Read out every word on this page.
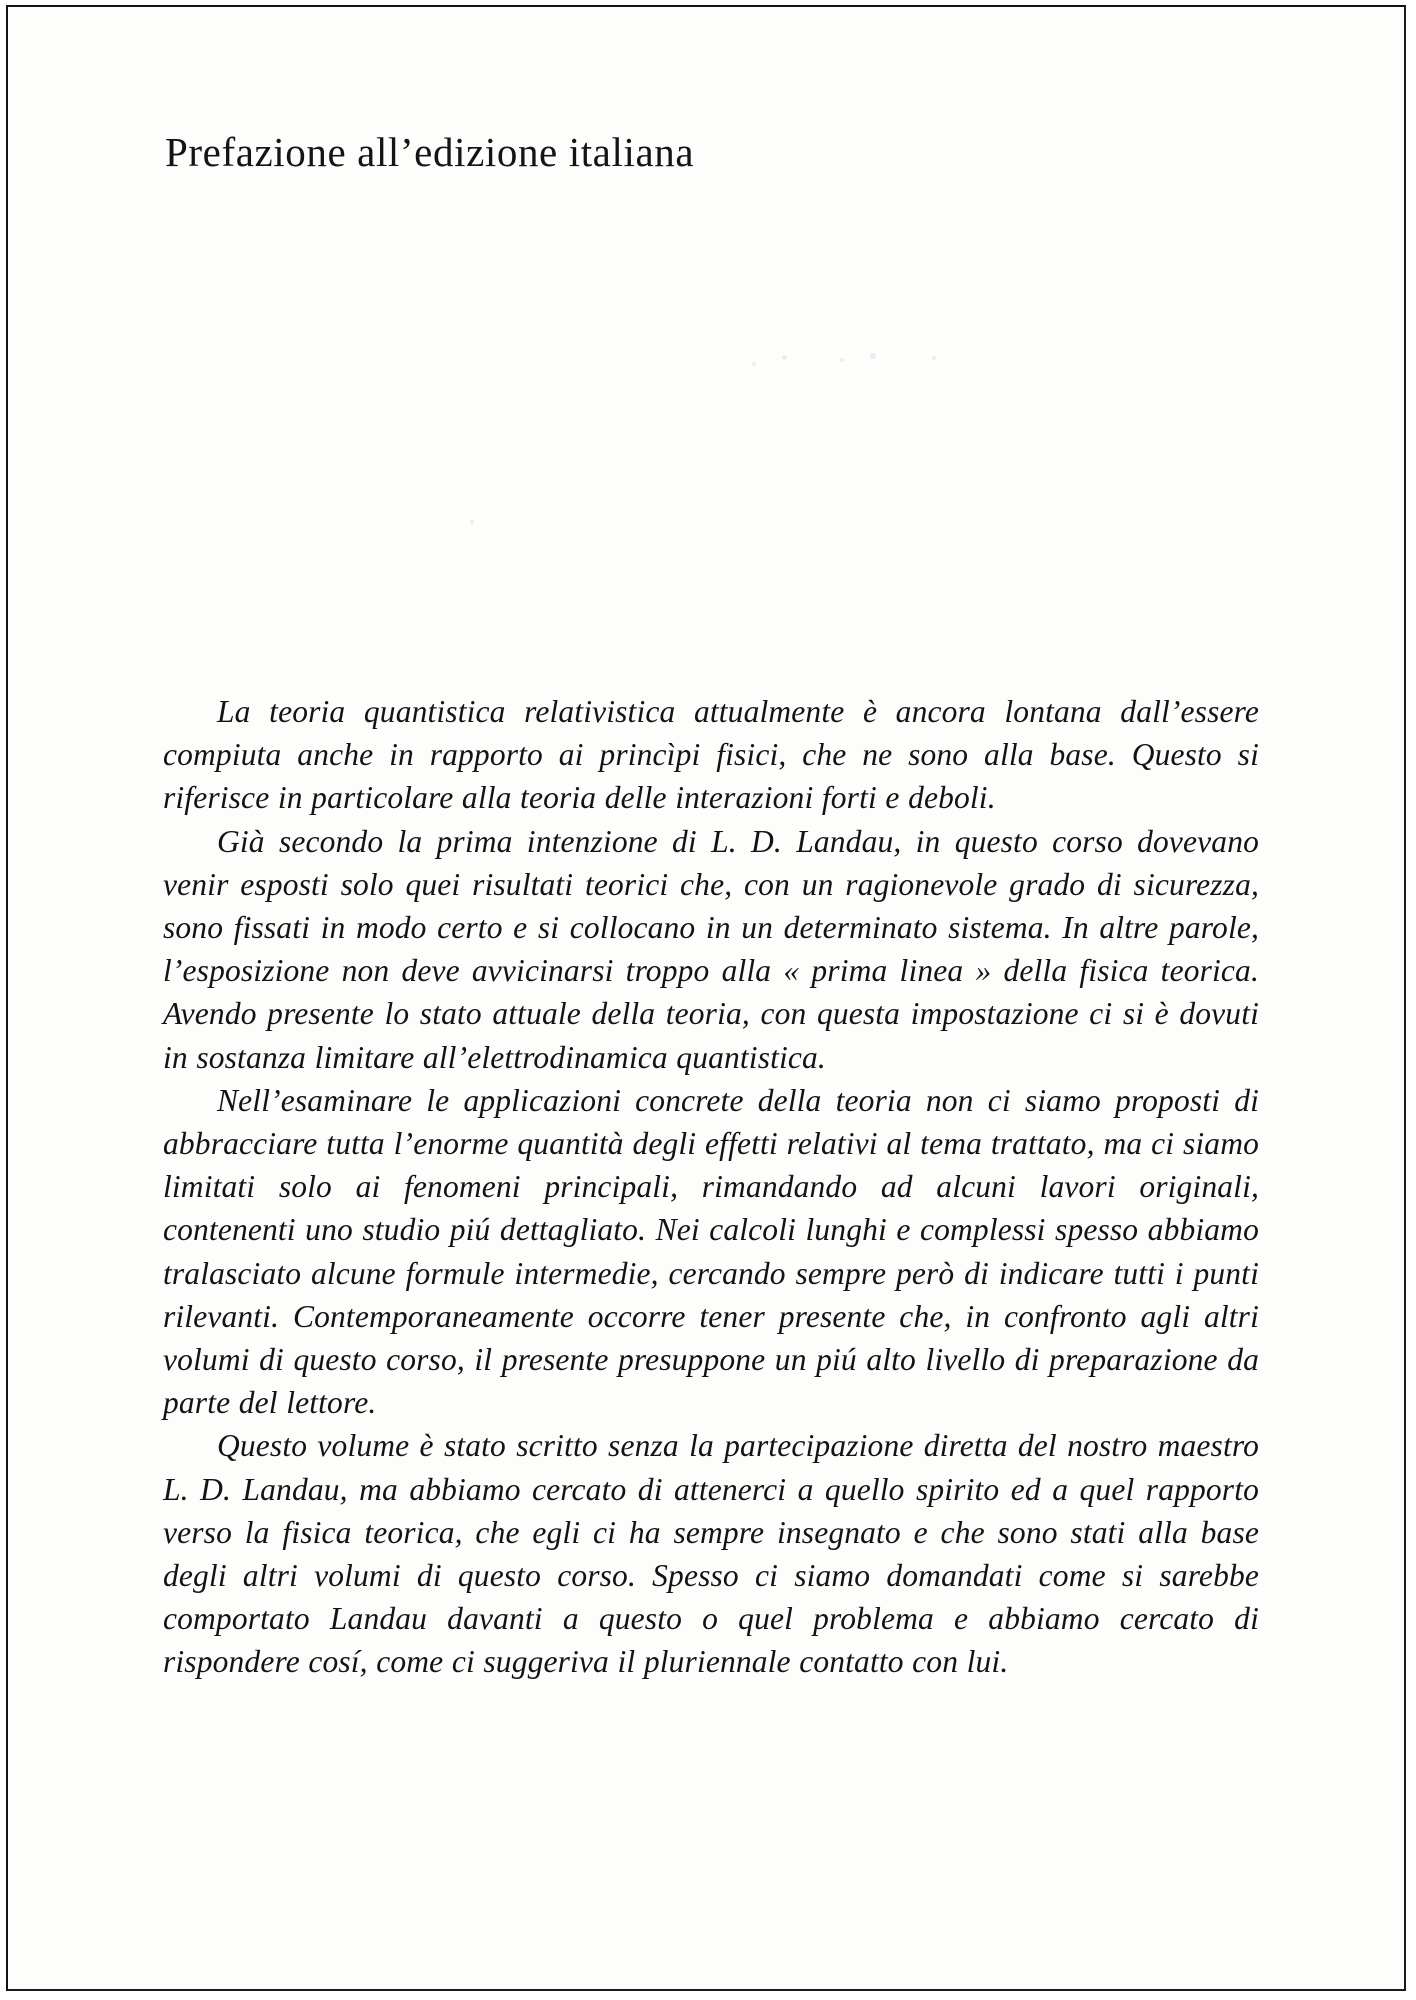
Prefazione all’edizione italiana

La teoria quantistica relativistica attualmente è ancora lontana dall’essere compiuta anche in rapporto ai princìpi fisici, che ne sono alla base. Questo si riferisce in particolare alla teoria delle interazioni forti e deboli.

Già secondo la prima intenzione di L. D. Landau, in questo corso dovevano venir esposti solo quei risultati teorici che, con un ragionevole grado di sicurezza, sono fissati in modo certo e si collocano in un determinato sistema. In altre parole, l’esposizione non deve avvicinarsi troppo alla « prima linea » della fisica teorica. Avendo presente lo stato attuale della teoria, con questa impostazione ci si è dovuti in sostanza limitare all’elettrodinamica quantistica.

Nell’esaminare le applicazioni concrete della teoria non ci siamo proposti di abbracciare tutta l’enorme quantità degli effetti relativi al tema trattato, ma ci siamo limitati solo ai fenomeni principali, rimandando ad alcuni lavori originali, contenenti uno studio piú dettagliato. Nei calcoli lunghi e complessi spesso abbiamo tralasciato alcune formule intermedie, cercando sempre però di indicare tutti i punti rilevanti. Contemporaneamente occorre tener presente che, in confronto agli altri volumi di questo corso, il presente presuppone un piú alto livello di preparazione da parte del lettore.

Questo volume è stato scritto senza la partecipazione diretta del nostro maestro L. D. Landau, ma abbiamo cercato di attenerci a quello spirito ed a quel rapporto verso la fisica teorica, che egli ci ha sempre insegnato e che sono stati alla base degli altri volumi di questo corso. Spesso ci siamo domandati come si sarebbe comportato Landau davanti a questo o quel problema e abbiamo cercato di rispondere cosí, come ci suggeriva il pluriennale contatto con lui.
